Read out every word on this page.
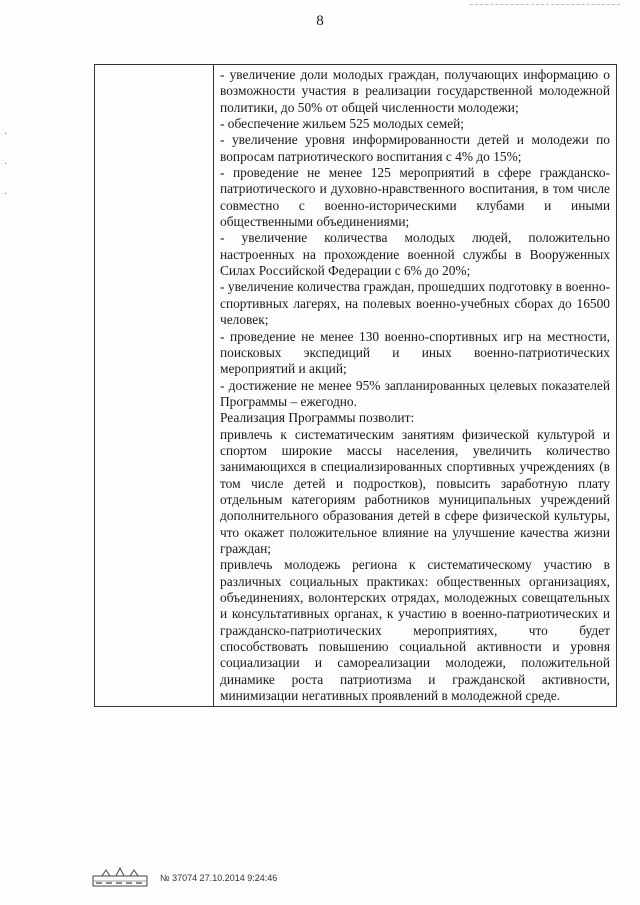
8
·
·
·

- увеличение доли молодых граждан, получающих информацию о возможности участия в реализации государственной молодежной политики, до 50% от общей численности молодежи;

- обеспечение жильем 525 молодых семей;

- увеличение уровня информированности детей и молодежи по вопросам патриотического воспитания с 4% до 15%;

- проведение не менее 125 мероприятий в сфере гражданско-патриотического и духовно-нравственного воспитания, в том числе совместно с военно-историческими клубами и иными общественными объединениями;

- увеличение количества молодых людей, положительно настроенных на прохождение военной службы в Вооруженных Силах Российской Федерации с 6% до 20%;

- увеличение количества граждан, прошедших подготовку в военно-спортивных лагерях, на полевых военно-учебных сборах до 16500 человек;

- проведение не менее 130 военно-спортивных игр на местности, поисковых экспедиций и иных военно-патриотических мероприятий и акций;

- достижение не менее 95% запланированных целевых показателей Программы – ежегодно.

Реализация Программы позволит:

привлечь к систематическим занятиям физической культурой и спортом широкие массы населения, увеличить количество занимающихся в специализированных спортивных учреждениях (в том числе детей и подростков), повысить заработную плату отдельным категориям работников муниципальных учреждений дополнительного образования детей в сфере физической культуры, что окажет положительное влияние на улучшение качества жизни граждан;

привлечь молодежь региона к систематическому участию в различных социальных практиках: общественных организациях, объединениях, волонтерских отрядах, молодежных совещательных и консультативных органах, к участию в военно-патриотических и гражданско-патриотических мероприятиях, что будет способствовать повышению социальной активности и уровня социализации и самореализации молодежи, положительной динамике роста патриотизма и гражданской активности, минимизации негативных проявлений в молодежной среде.

№ 37074 27.10.2014 9:24:46
